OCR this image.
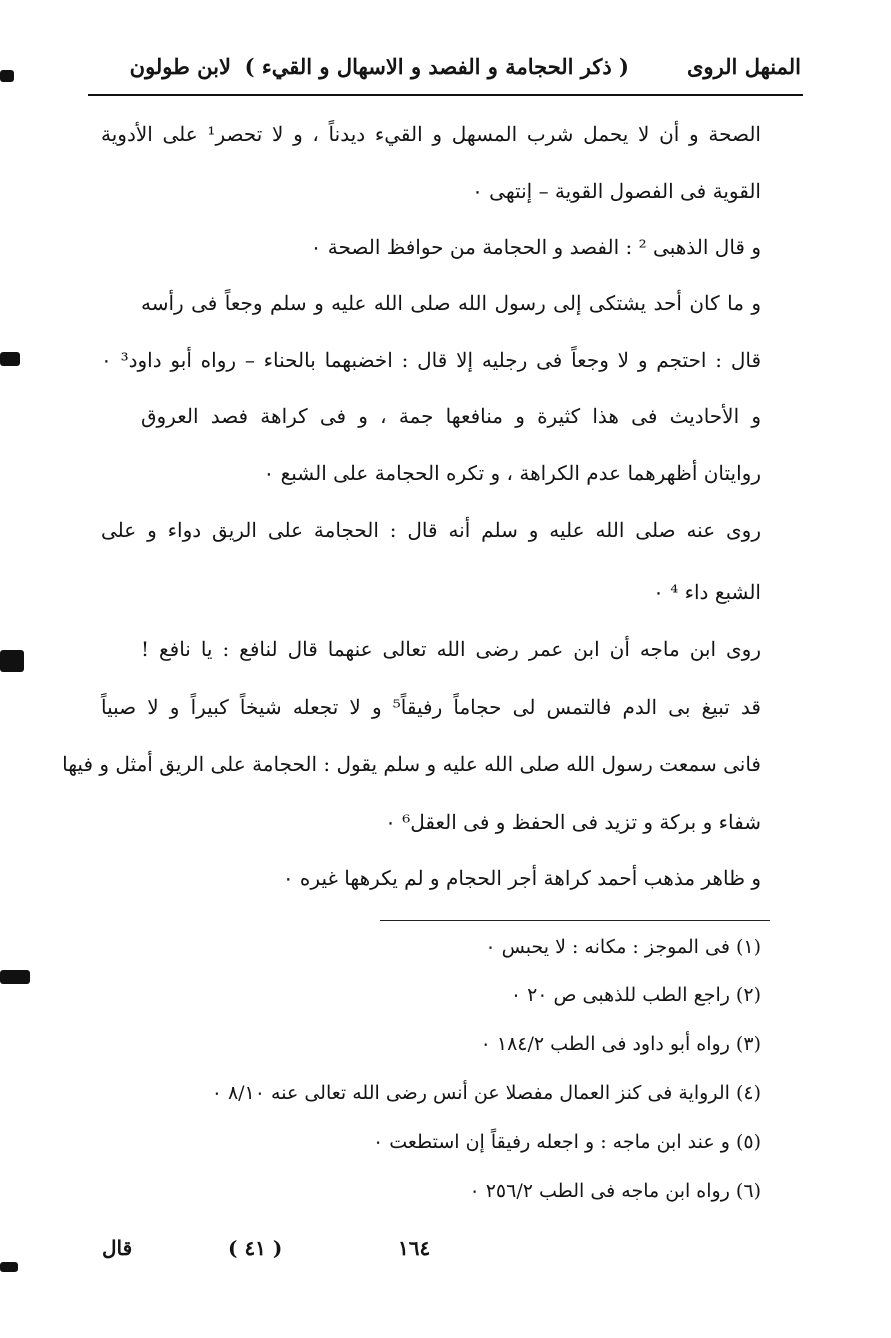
المنهل الروى
( ذكر الحجامة و الفصد و الاسهال و القيء )
لابن طولون
الصحة و أن لا يحمل شرب المسهل و القيء ديدناً ، و لا تحصر¹ على الأدوية
القوية فى الفصول القوية – إنتهى ٠
و قال الذهبى ² : الفصد و الحجامة من حوافظ الصحة ٠
و ما كان أحد يشتكى إلى رسول الله صلى الله عليه و سلم وجعاً فى رأسه
قال : احتجم و لا وجعاً فى رجليه إلا قال : اخضبهما بالحناء – رواه أبو داود³ ٠
و الأحاديث فى هذا كثيرة و منافعها جمة ، و فى كراهة فصد العروق
روايتان أظهرهما عدم الكراهة ، و تكره الحجامة على الشبع ٠
روى عنه صلى الله عليه و سلم أنه قال : الحجامة على الريق دواء و على
الشبع داء ⁴ ٠
روى ابن ماجه أن ابن عمر رضى الله تعالى عنهما قال لنافع : يا نافع !
قد تبيغ بى الدم فالتمس لى حجاماً رفيقاً⁵ و لا تجعله شيخاً كبيراً و لا صبياً
فانى سمعت رسول الله صلى الله عليه و سلم يقول : الحجامة على الريق أمثل و فيها
شفاء و بركة و تزيد فى الحفظ و فى العقل⁶ ٠
و ظاهر مذهب أحمد كراهة أجر الحجام و لم يكرهها غيره ٠
(١) فى الموجز : مكانه : لا يحبس ٠
(٢) راجع الطب للذهبى ص ٢٠ ٠
(٣) رواه أبو داود فى الطب ١٨٤/٢ ٠
(٤) الرواية فى كنز العمال مفصلا عن أنس رضى الله تعالى عنه ٨/١٠ ٠
(٥) و عند ابن ماجه : و اجعله رفيقاً إن استطعت ٠
(٦) رواه ابن ماجه فى الطب ٢٥٦/٢ ٠
قال	( ٤١ )	١٦٤
